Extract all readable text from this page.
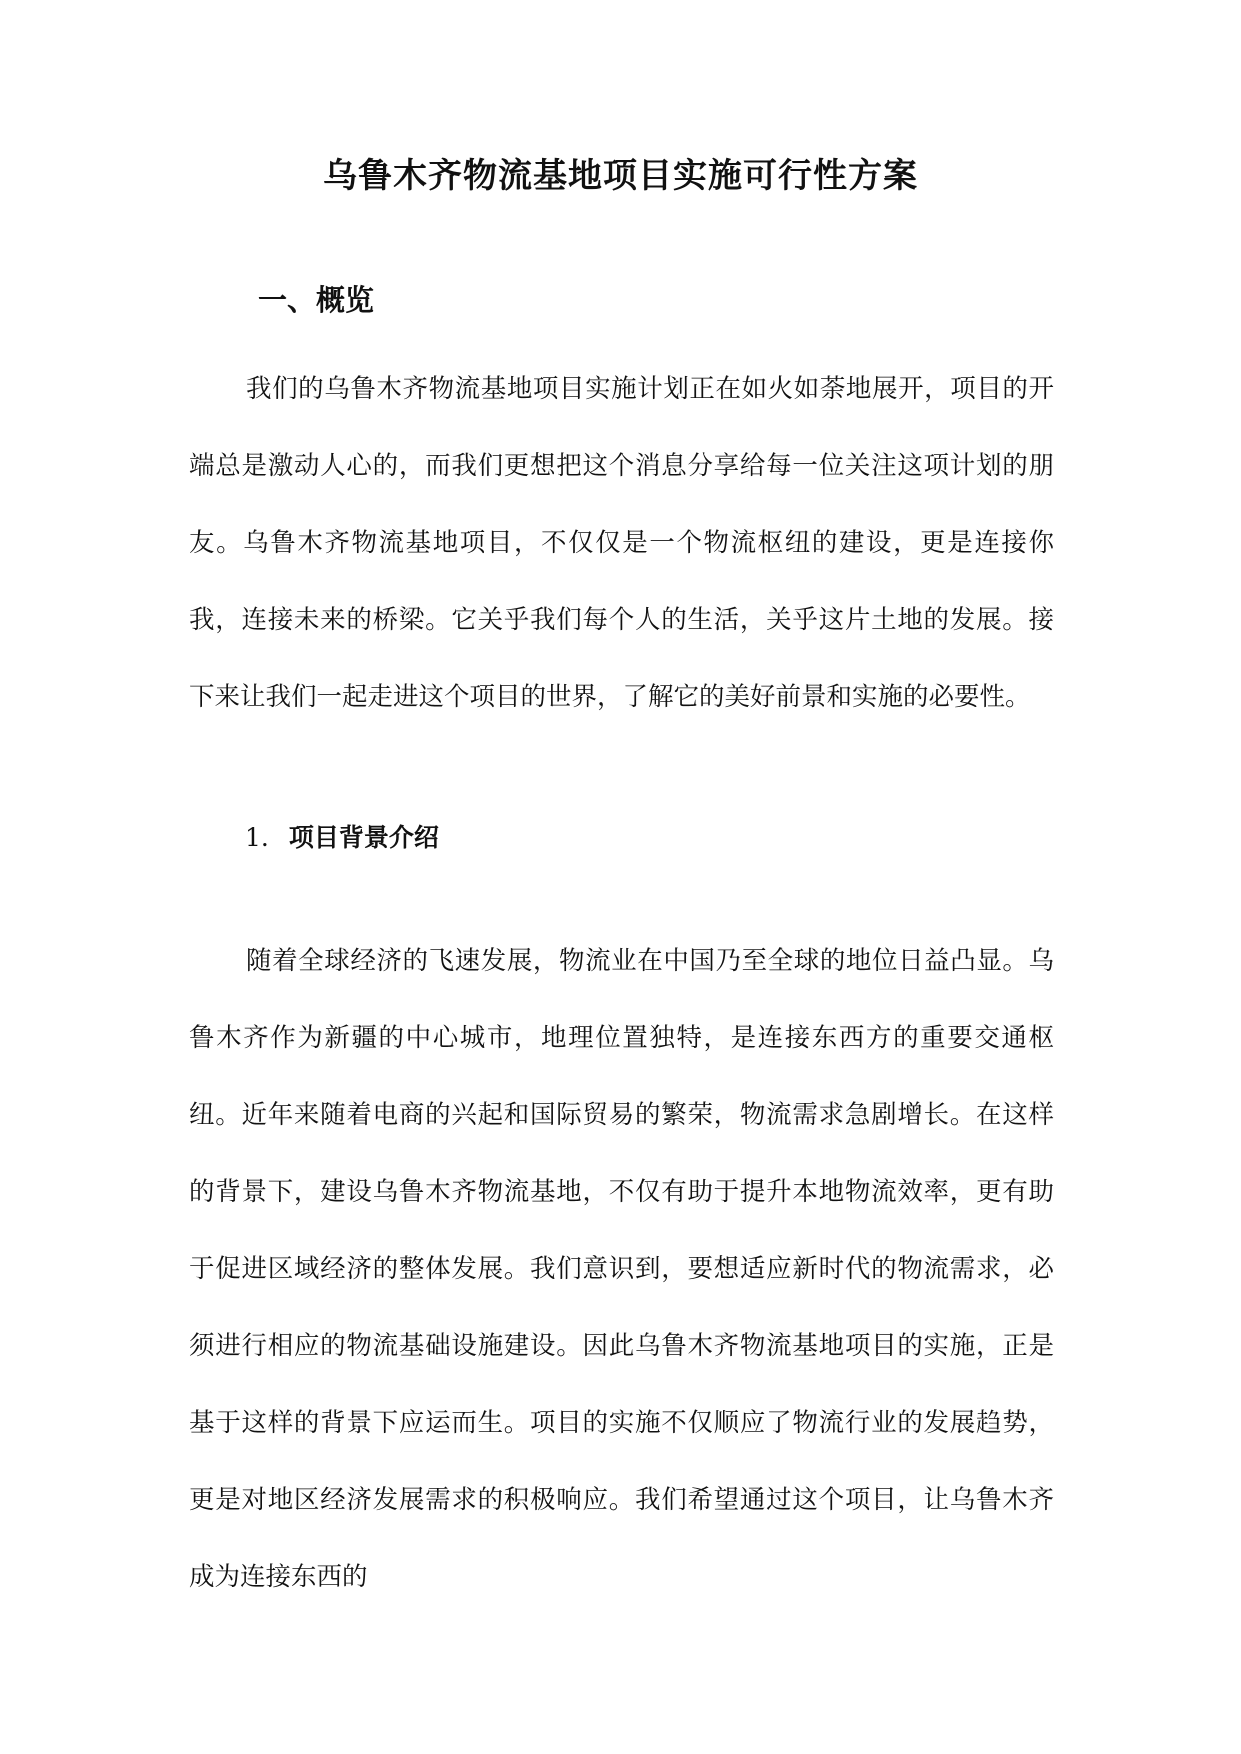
乌鲁木齐物流基地项目实施可行性方案
一、概览

我们的乌鲁木齐物流基地项目实施计划正在如火如荼地展开，项目的开端总是激动人心的，而我们更想把这个消息分享给每一位关注这项计划的朋友。乌鲁木齐物流基地项目，不仅仅是一个物流枢纽的建设，更是连接你我，连接未来的桥梁。它关乎我们每个人的生活，关乎这片土地的发展。接下来让我们一起走进这个项目的世界，了解它的美好前景和实施的必要性。

1. 项目背景介绍

随着全球经济的飞速发展，物流业在中国乃至全球的地位日益凸显。乌鲁木齐作为新疆的中心城市，地理位置独特，是连接东西方的重要交通枢纽。近年来随着电商的兴起和国际贸易的繁荣，物流需求急剧增长。在这样的背景下，建设乌鲁木齐物流基地，不仅有助于提升本地物流效率，更有助于促进区域经济的整体发展。我们意识到，要想适应新时代的物流需求，必须进行相应的物流基础设施建设。因此乌鲁木齐物流基地项目的实施，正是基于这样的背景下应运而生。项目的实施不仅顺应了物流行业的发展趋势，更是对地区经济发展需求的积极响应。我们希望通过这个项目，让乌鲁木齐成为连接东西的
